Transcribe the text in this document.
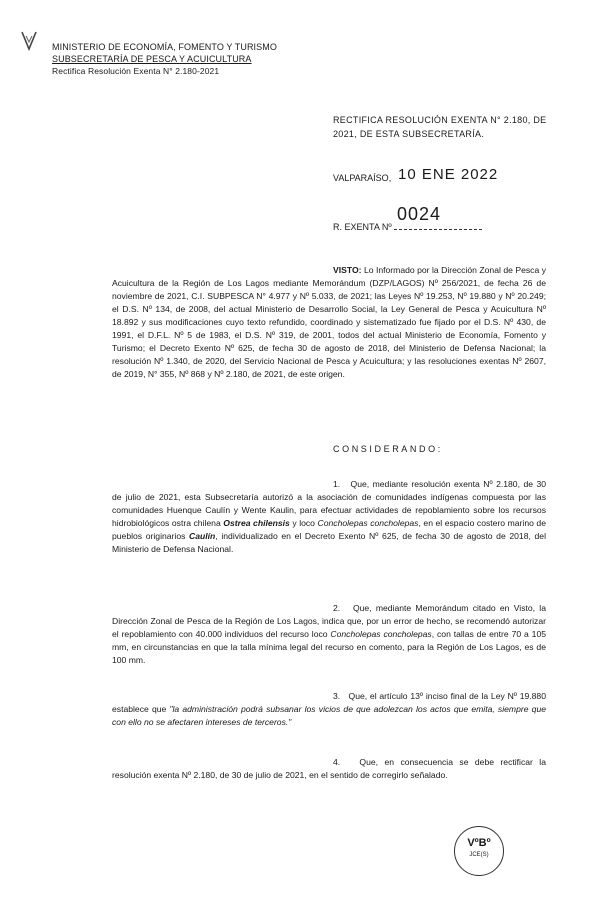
MINISTERIO DE ECONOMÍA, FOMENTO Y TURISMO
SUBSECRETARÍA DE PESCA Y ACUICULTURA
Rectifica Resolución Exenta N° 2.180-2021
RECTIFICA RESOLUCIÓN EXENTA N° 2.180, DE 2021, DE ESTA SUBSECRETARÍA.
VALPARAÍSO, 10 ENE 2022
R. EXENTA Nº
0024
VISTO: Lo Informado por la Dirección Zonal de Pesca y Acuicultura de la Región de Los Lagos mediante Memorándum (DZP/LAGOS) Nº 256/2021, de fecha 26 de noviembre de 2021, C.I. SUBPESCA N° 4.977 y Nº 5.033, de 2021; las Leyes Nº 19.253, Nº 19.880 y Nº 20.249; el D.S. Nº 134, de 2008, del actual Ministerio de Desarrollo Social, la Ley General de Pesca y Acuicultura Nº 18.892 y sus modificaciones cuyo texto refundido, coordinado y sistematizado fue fijado por el D.S. Nº 430, de 1991, el D.F.L. Nº 5 de 1983, el D.S. Nº 319, de 2001, todos del actual Ministerio de Economía, Fomento y Turismo; el Decreto Exento Nº 625, de fecha 30 de agosto de 2018, del Ministerio de Defensa Nacional; la resolución Nº 1.340, de 2020, del Servicio Nacional de Pesca y Acuicultura; y las resoluciones exentas Nº 2607, de 2019, N° 355, Nº 868 y Nº 2.180, de 2021, de este origen.
CONSIDERANDO:
1. Que, mediante resolución exenta Nº 2.180, de 30 de julio de 2021, esta Subsecretaría autorizó a la asociación de comunidades indígenas compuesta por las comunidades Huenque Caulín y Wente Kaulin, para efectuar actividades de repoblamiento sobre los recursos hidrobiológicos ostra chilena Ostrea chilensis y loco Concholepas concholepas, en el espacio costero marino de pueblos originarios Caulín, individualizado en el Decreto Exento Nº 625, de fecha 30 de agosto de 2018, del Ministerio de Defensa Nacional.
2. Que, mediante Memorándum citado en Visto, la Dirección Zonal de Pesca de la Región de Los Lagos, indica que, por un error de hecho, se recomendó autorizar el repoblamiento con 40.000 individuos del recurso loco Concholepas concholepas, con tallas de entre 70 a 105 mm, en circunstancias en que la talla mínima legal del recurso en comento, para la Región de Los Lagos, es de 100 mm.
3. Que, el artículo 13º inciso final de la Ley Nº 19.880 establece que "la administración podrá subsanar los vicios de que adolezcan los actos que emita, siempre que con ello no se afectaren intereses de terceros."
4. Que, en consecuencia se debe rectificar la resolución exenta Nº 2.180, de 30 de julio de 2021, en el sentido de corregirlo señalado.
VºBº
JCE(S)
